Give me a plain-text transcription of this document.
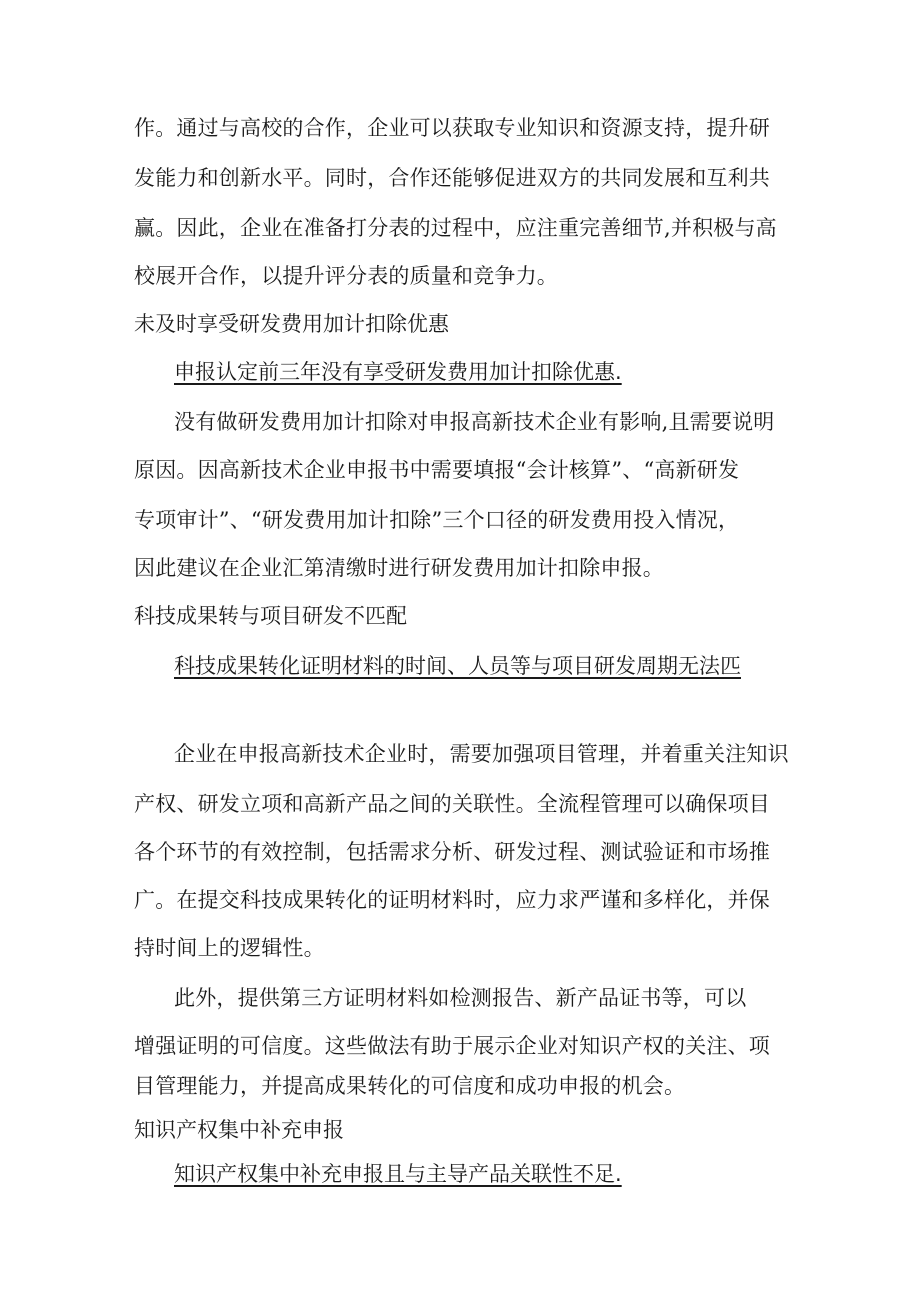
作。通过与高校的合作，企业可以获取专业知识和资源支持，提升研
发能力和创新水平。同时，合作还能够促进双方的共同发展和互利共
赢。因此，企业在准备打分表的过程中，应注重完善细节,并积极与高
校展开合作，以提升评分表的质量和竞争力。
未及时享受研发费用加计扣除优惠
申报认定前三年没有享受研发费用加计扣除优惠.
没有做研发费用加计扣除对申报高新技术企业有影响,且需要说明
原因。因高新技术企业申报书中需要填报“会计核算”、“高新研发
专项审计”、“研发费用加计扣除”三个口径的研发费用投入情况，
因此建议在企业汇第清缴时进行研发费用加计扣除申报。
科技成果转与项目研发不匹配
科技成果转化证明材料的时间、人员等与项目研发周期无法匹
企业在申报高新技术企业时，需要加强项目管理，并着重关注知识
产权、研发立项和高新产品之间的关联性。全流程管理可以确保项目
各个环节的有效控制，包括需求分析、研发过程、测试验证和市场推
广。在提交科技成果转化的证明材料时，应力求严谨和多样化，并保
持时间上的逻辑性。
此外，提供第三方证明材料如检测报告、新产品证书等，可以
增强证明的可信度。这些做法有助于展示企业对知识产权的关注、项
目管理能力，并提高成果转化的可信度和成功申报的机会。
知识产权集中补充申报
知识产权集中补充申报且与主导产品关联性不足.
